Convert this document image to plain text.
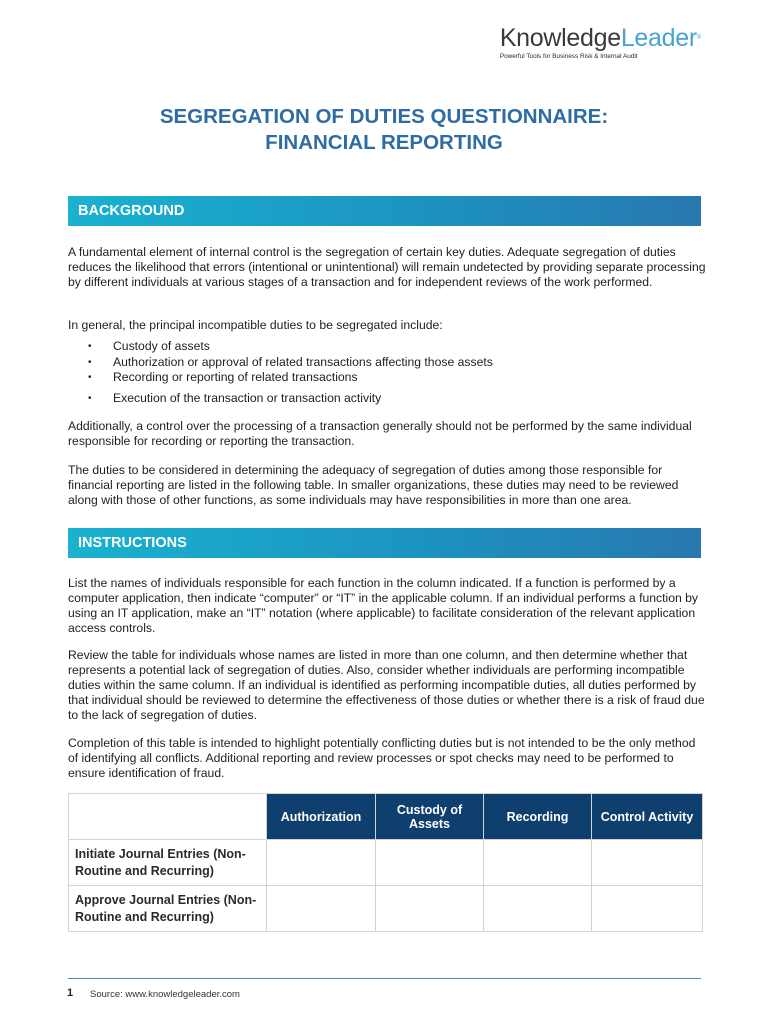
KnowledgeLeader®
Powerful Tools for Business Risk & Internal Audit
SEGREGATION OF DUTIES QUESTIONNAIRE:
FINANCIAL REPORTING
BACKGROUND

A fundamental element of internal control is the segregation of certain key duties. Adequate segregation of duties reduces the likelihood that errors (intentional or unintentional) will remain undetected by providing separate processing by different individuals at various stages of a transaction and for independent reviews of the work performed.

In general, the principal incompatible duties to be segregated include:

• Custody of assets
• Authorization or approval of related transactions affecting those assets
• Recording or reporting of related transactions
• Execution of the transaction or transaction activity

Additionally, a control over the processing of a transaction generally should not be performed by the same individual responsible for recording or reporting the transaction.

The duties to be considered in determining the adequacy of segregation of duties among those responsible for financial reporting are listed in the following table. In smaller organizations, these duties may need to be reviewed along with those of other functions, as some individuals may have responsibilities in more than one area.

INSTRUCTIONS

List the names of individuals responsible for each function in the column indicated. If a function is performed by a computer application, then indicate “computer” or “IT” in the applicable column. If an individual performs a function by using an IT application, make an “IT” notation (where applicable) to facilitate consideration of the relevant application access controls.

Review the table for individuals whose names are listed in more than one column, and then determine whether that represents a potential lack of segregation of duties. Also, consider whether individuals are performing incompatible duties within the same column. If an individual is identified as performing incompatible duties, all duties performed by that individual should be reviewed to determine the effectiveness of those duties or whether there is a risk of fraud due to the lack of segregation of duties.

Completion of this table is intended to highlight potentially conflicting duties but is not intended to be the only method of identifying all conflicts. Additional reporting and review processes or spot checks may need to be performed to ensure identification of fraud.

	Authorization	Custody of Assets	Recording	Control Activity
Initiate Journal Entries (Non-Routine and Recurring)				
Approve Journal Entries (Non-Routine and Recurring)				
1 Source: www.knowledgeleader.com
